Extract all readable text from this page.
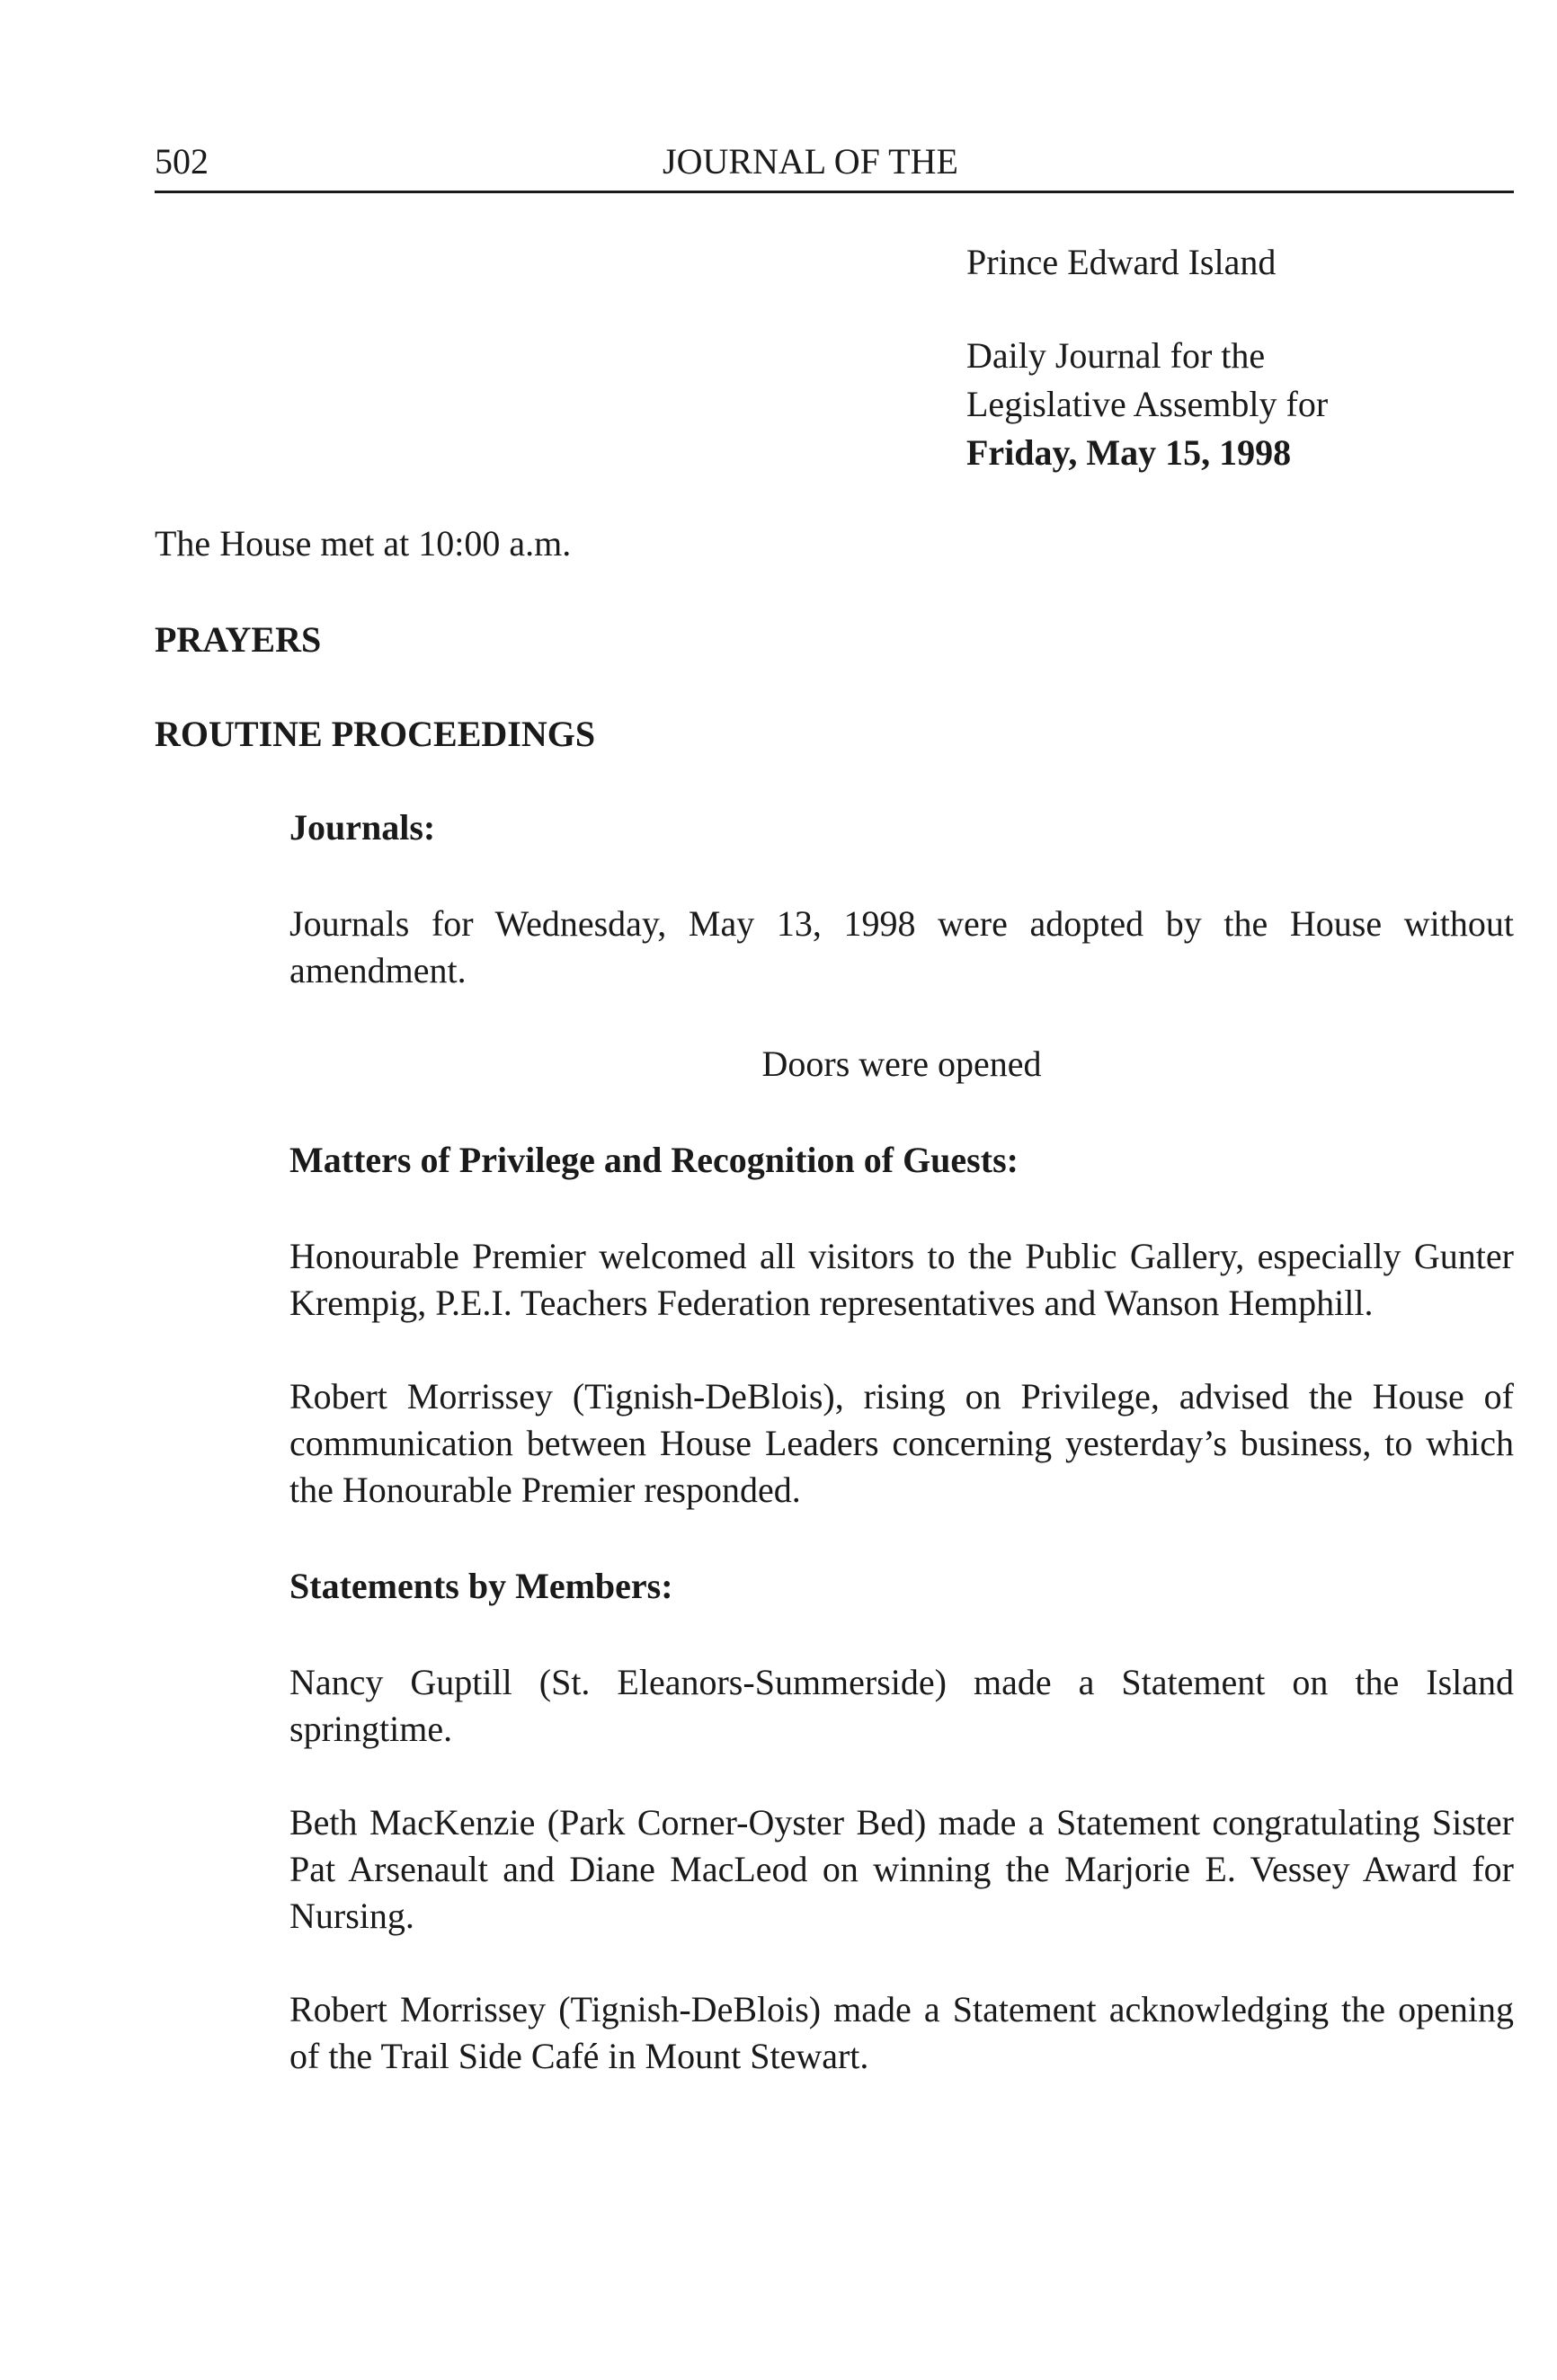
502	JOURNAL OF THE

Prince Edward Island

Daily Journal for the

Legislative Assembly for

Friday, May 15, 1998

The House met at 10:00 a.m.
PRAYERS
ROUTINE PROCEEDINGS

Journals:

Journals for Wednesday, May 13, 1998 were adopted by the House without amendment.

Doors were opened

Matters of Privilege and Recognition of Guests:

Honourable Premier welcomed all visitors to the Public Gallery, especially Gunter Krempig, P.E.I. Teachers Federation representatives and Wanson Hemphill.

Robert Morrissey (Tignish-DeBlois), rising on Privilege, advised the House of communication between House Leaders concerning yesterday’s business, to which the Honourable Premier responded.

Statements by Members:

Nancy Guptill (St. Eleanors-Summerside) made a Statement on the Island springtime.

Beth MacKenzie (Park Corner-Oyster Bed) made a Statement congratulating Sister Pat Arsenault and Diane MacLeod on winning the Marjorie E. Vessey Award for Nursing.

Robert Morrissey (Tignish-DeBlois) made a Statement acknowledging the opening of the Trail Side Café in Mount Stewart.
